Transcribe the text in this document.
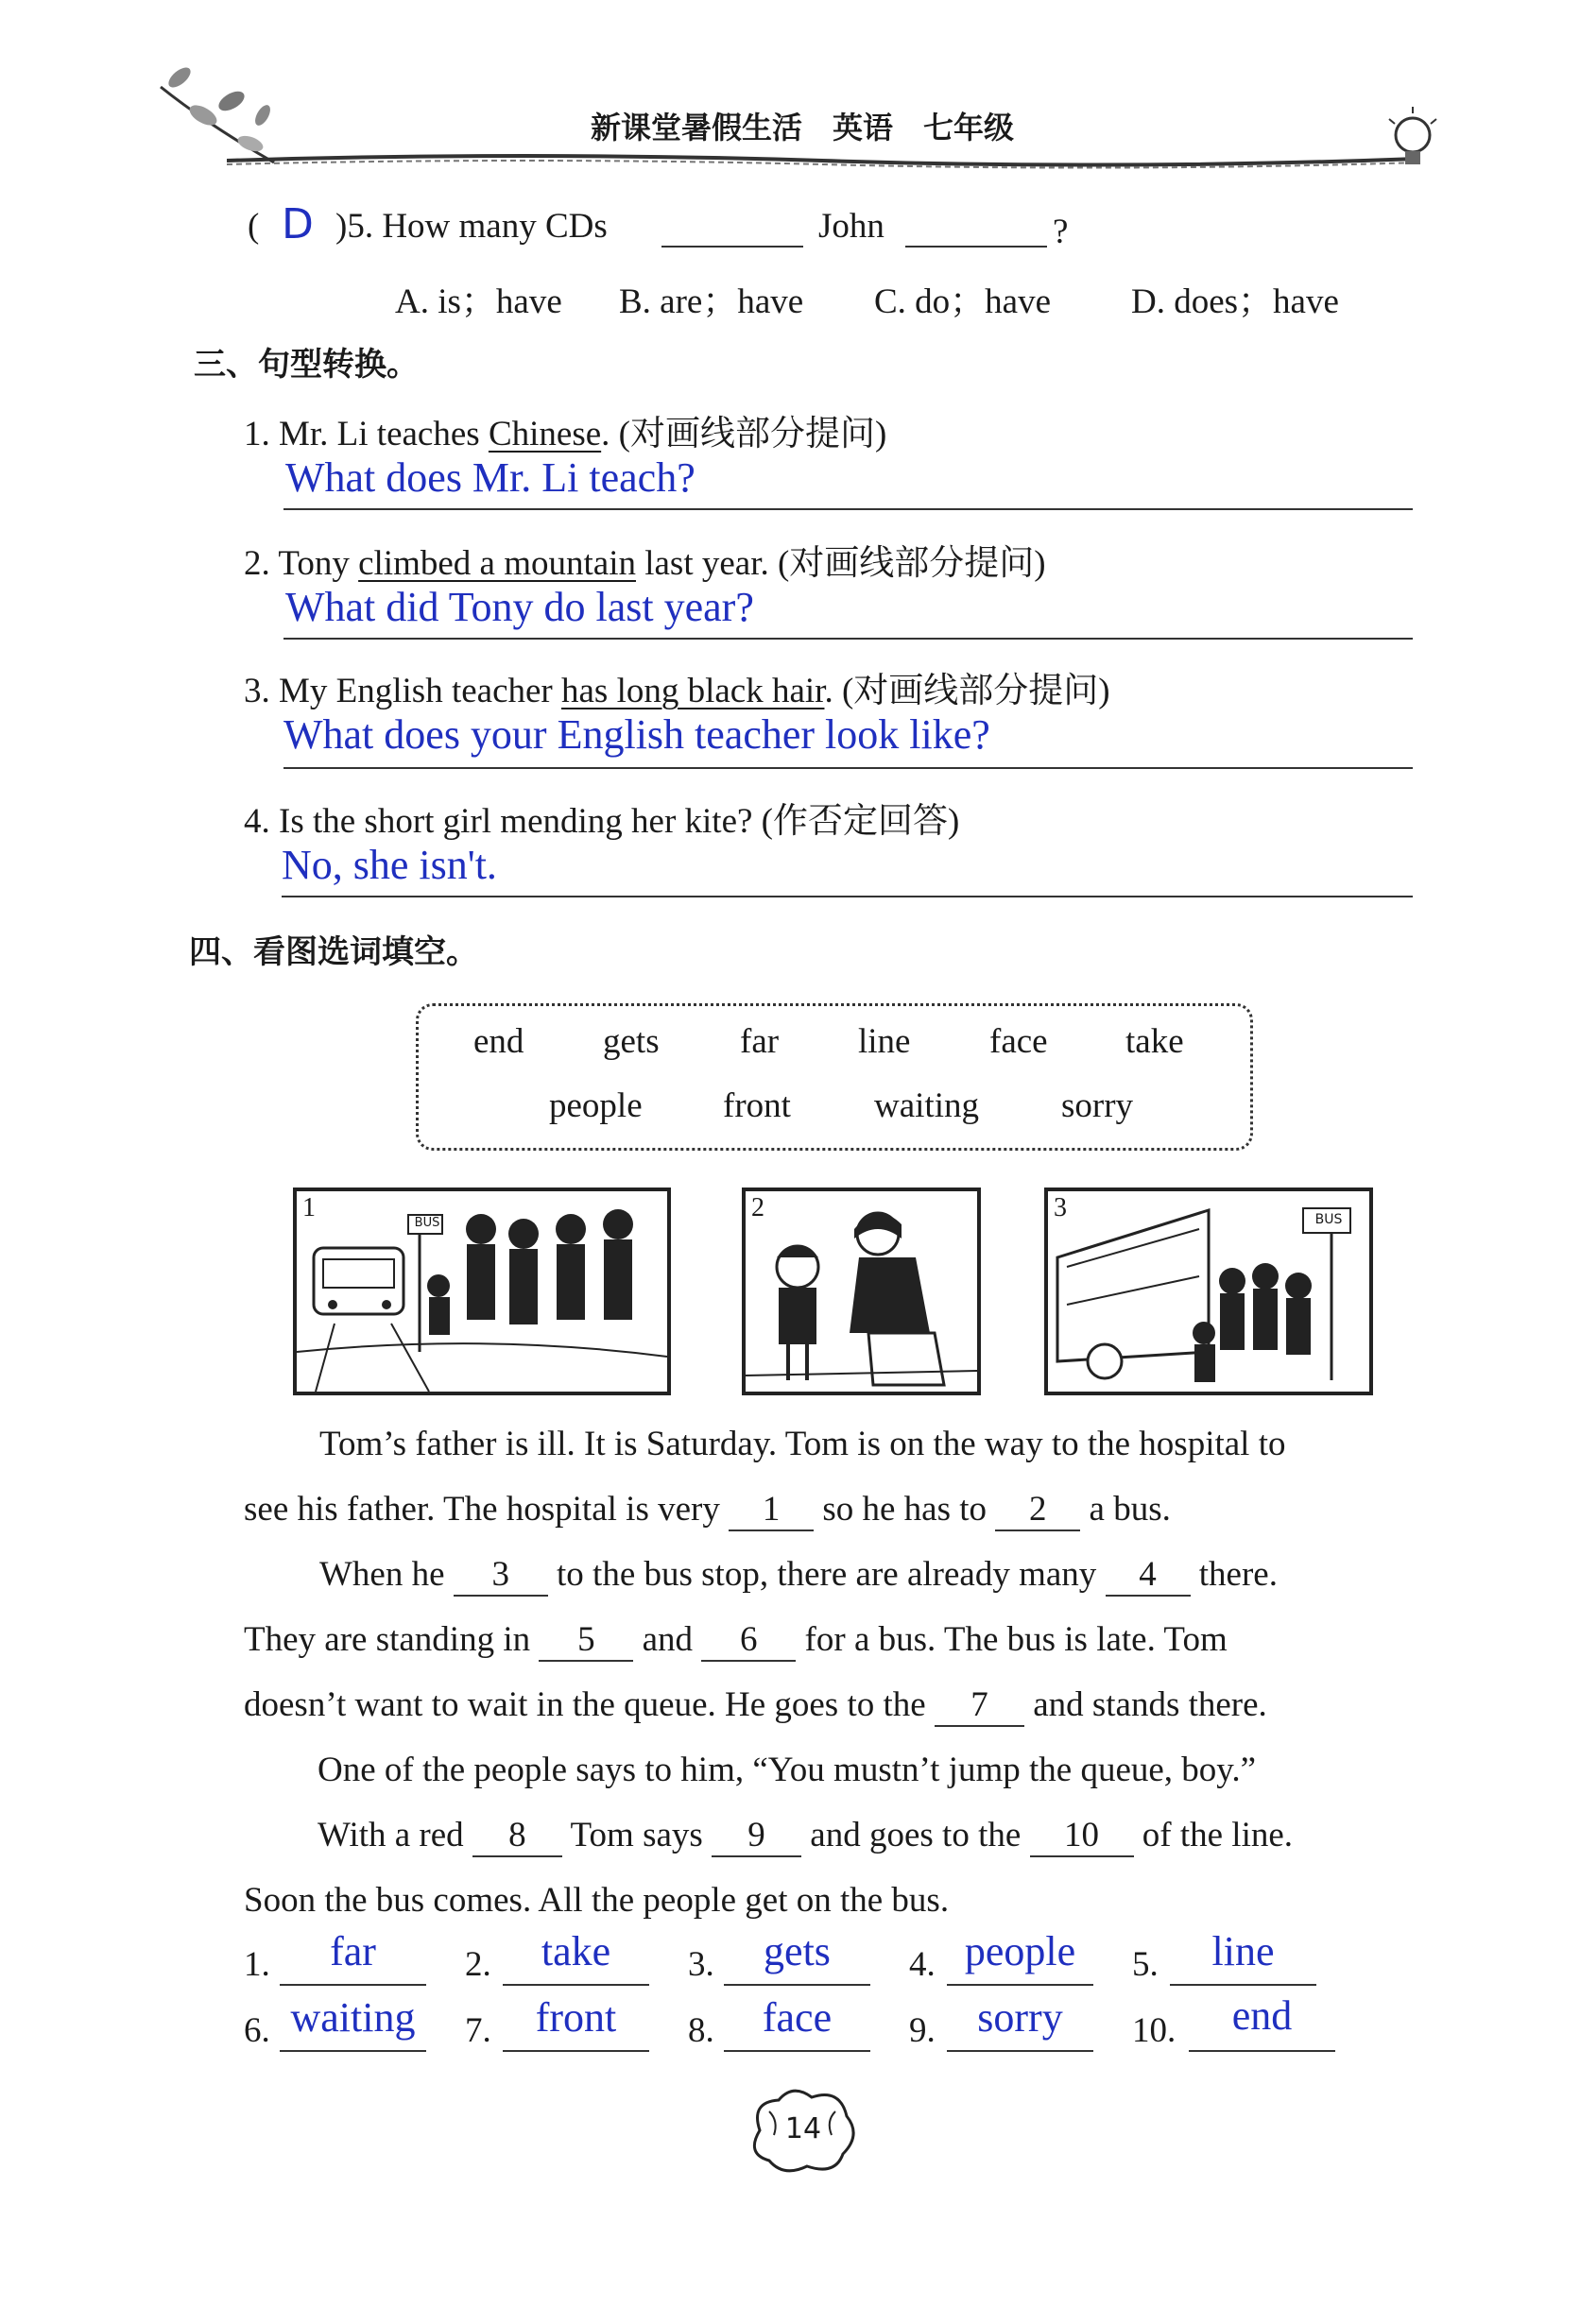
新课堂暑假生活　英语　七年级
( D )5. How many CDs	John	?
A. is；have B. are；have C. do；have D. does；have
三、句型转换。
1. Mr. Li teaches Chinese. (对画线部分提问)
What does Mr. Li teach?
2. Tony climbed a mountain last year. (对画线部分提问)
What did Tony do last year?
3. My English teacher has long black hair. (对画线部分提问)
What does your English teacher look like?
4. Is the short girl mending her kite? (作否定回答)
No, she isn't.
四、看图选词填空。
end gets far line face take
people front waiting sorry
1
BUS
2	3	BUS
Tom’s father is ill. It is Saturday. Tom is on the way to the hospital to
see his father. The hospital is very 1 so he has to 2 a bus.
When he 3 to the bus stop, there are already many 4 there.
They are standing in 5 and 6 for a bus. The bus is late. Tom
doesn’t want to wait in the queue. He goes to the 7 and stands there.
One of the people says to him, “You mustn’t jump the queue, boy.”
With a red 8 Tom says 9 and goes to the 10 of the line.
Soon the bus comes. All the people get on the bus.
1.	far	2.	take	3.	gets	4. people	5.	line
6. waiting	7.	front	8.	face	9.	sorry	10.	end
14
